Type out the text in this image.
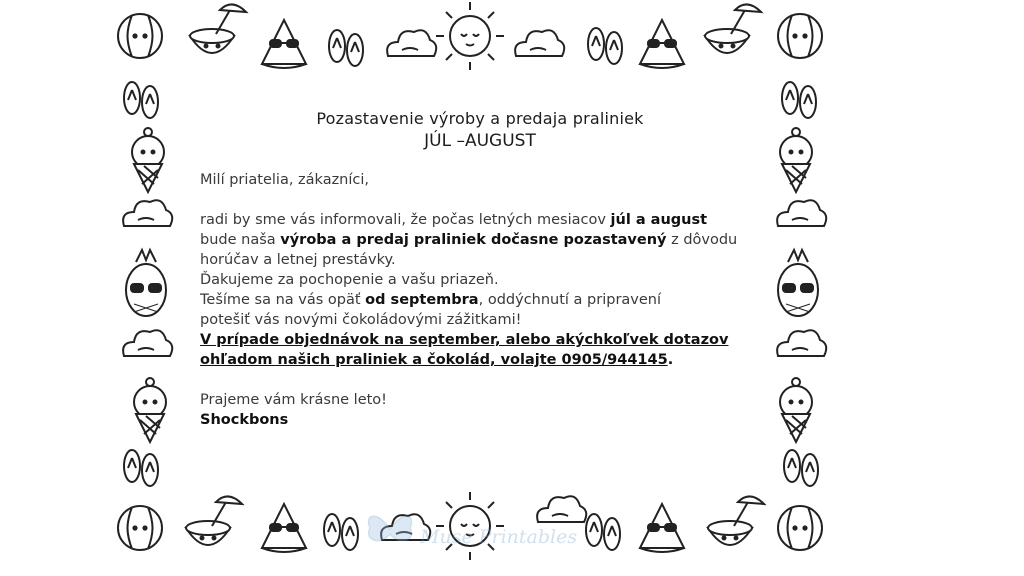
Pozastavenie výroby a predaja praliniek

JÚL –AUGUST

Milí priatelia, zákazníci,

radi by sme vás informovali, že počas letných mesiacov júl a august
bude naša výroba a predaj praliniek dočasne pozastavený z dôvodu
horúčav a letnej prestávky.

Ďakujeme za pochopenie a vašu priazeň.

Tešíme sa na vás opäť od septembra, oddýchnutí a pripravení
potešiť vás novými čokoládovými zážitkami!

V prípade objednávok na september, alebo akýchkoľvek dotazov
ohľadom našich praliniek a čokolád, volajte 0905/944145.

Prajeme vám krásne leto!

Shockbons

Muse Printables
